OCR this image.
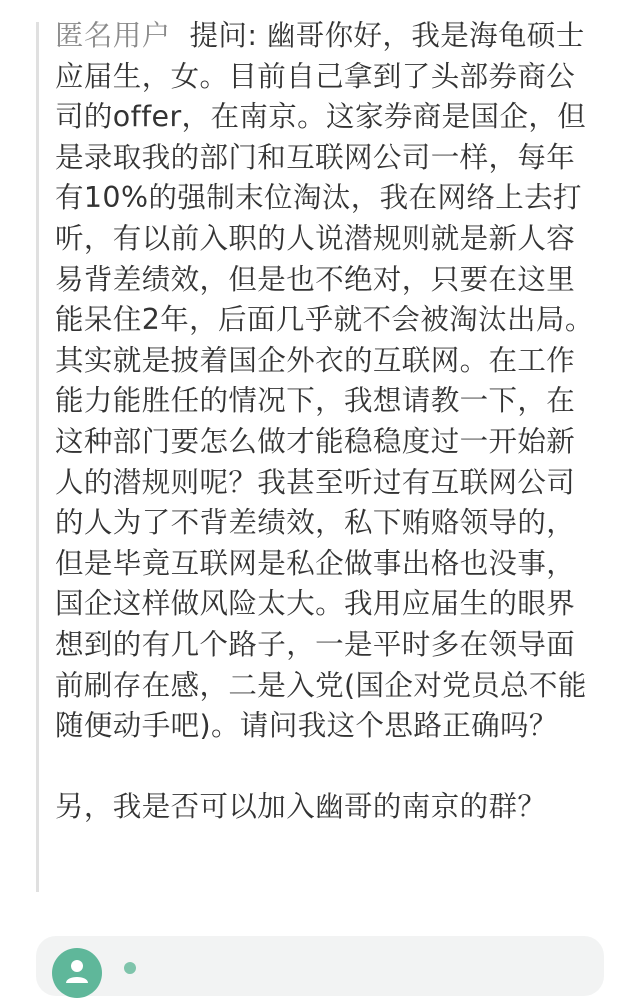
匿名用户 提问: 幽哥你好，我是海龟硕士
应届生，女。目前自己拿到了头部券商公
司的offer，在南京。这家券商是国企，但
是录取我的部门和互联网公司一样，每年
有10%的强制末位淘汰，我在网络上去打
听，有以前入职的人说潜规则就是新人容
易背差绩效，但是也不绝对，只要在这里
能呆住2年，后面几乎就不会被淘汰出局。
其实就是披着国企外衣的互联网。在工作
能力能胜任的情况下，我想请教一下，在
这种部门要怎么做才能稳稳度过一开始新
人的潜规则呢？我甚至听过有互联网公司
的人为了不背差绩效，私下贿赂领导的，
但是毕竟互联网是私企做事出格也没事，
国企这样做风险太大。我用应届生的眼界
想到的有几个路子，一是平时多在领导面
前刷存在感，二是入党(国企对党员总不能
随便动手吧)。请问我这个思路正确吗？
另，我是否可以加入幽哥的南京的群？
